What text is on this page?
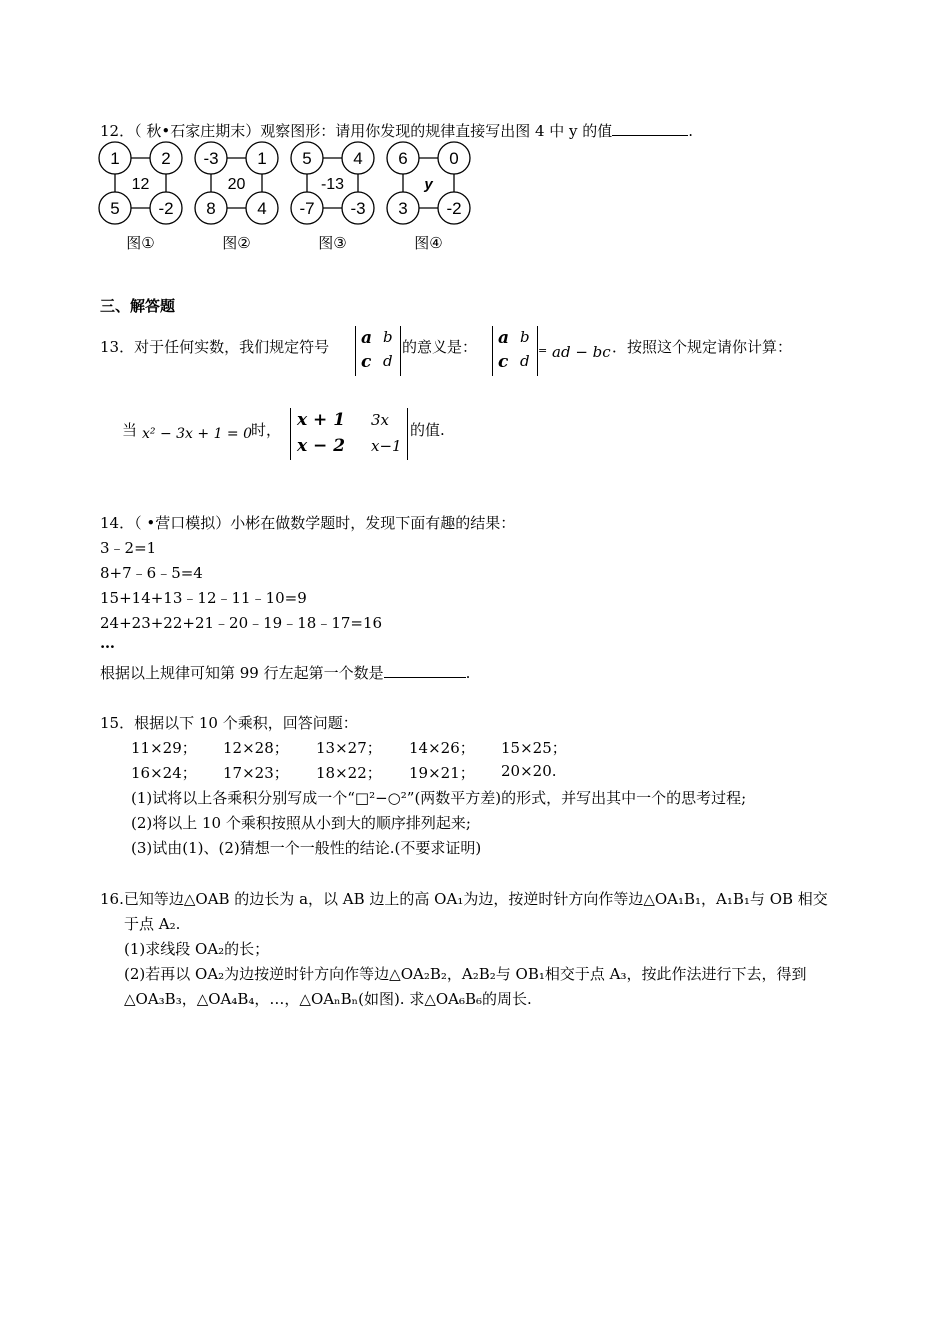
12．（ 秋•石家庄期末）观察图形：请用你发现的规律直接写出图 4 中 y 的值	.
1 2
5 -2
12
图①
-3 1
8 4
20
图②
5 4
-7 -3
-13
图③
6 0
3 -2
y
图④
三、解答题
13．对于任何实数，我们规定符号 a b
c d
的意义是： a b
c d
= ad − bc ．按照这个规定请你计算：
当 x² − 3x + 1 = 0
时， x + 1 3x
x − 2 x−1
的值.
14．（ •营口模拟）小彬在做数学题时，发现下面有趣的结果：
3﹣2=1
8+7﹣6﹣5=4
15+14+13﹣12﹣11﹣10=9
24+23+22+21﹣20﹣19﹣18﹣17=16
…
根据以上规律可知第 99 行左起第一个数是	.
15．根据以下 10 个乘积，回答问题：
11×29； 12×28； 13×27； 14×26； 15×25；
16×24； 17×23； 18×22； 19×21； 20×20.
(1)试将以上各乘积分别写成一个“□²−○²”(两数平方差)的形式，并写出其中一个的思考过程;
(2)将以上 10 个乘积按照从小到大的顺序排列起来;
(3)试由(1)、(2)猜想一个一般性的结论.(不要求证明)
16.已知等边△OAB 的边长为 a，以 AB 边上的高 OA₁为边，按逆时针方向作等边△OA₁B₁，A₁B₁与 OB 相交
于点 A₂.
(1)求线段 OA₂的长；
(2)若再以 OA₂为边按逆时针方向作等边△OA₂B₂，A₂B₂与 OB₁相交于点 A₃，按此作法进行下去，得到
△OA₃B₃，△OA₄B₄，…，△OAₙBₙ(如图). 求△OA₆B₆的周长.
